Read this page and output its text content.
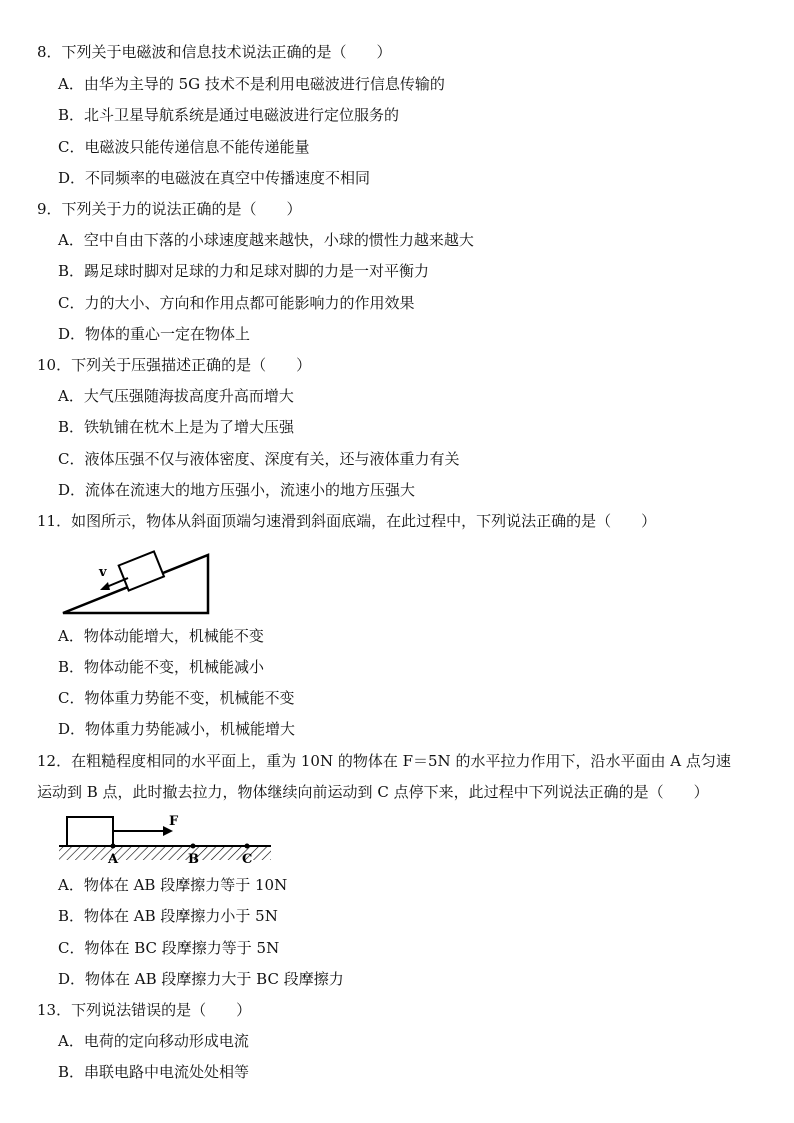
8．下列关于电磁波和信息技术说法正确的是（　　）
A．由华为主导的 5G 技术不是利用电磁波进行信息传输的
B．北斗卫星导航系统是通过电磁波进行定位服务的
C．电磁波只能传递信息不能传递能量
D．不同频率的电磁波在真空中传播速度不相同
9．下列关于力的说法正确的是（　　）
A．空中自由下落的小球速度越来越快，小球的惯性力越来越大
B．踢足球时脚对足球的力和足球对脚的力是一对平衡力
C．力的大小、方向和作用点都可能影响力的作用效果
D．物体的重心一定在物体上
10．下列关于压强描述正确的是（　　）
A．大气压强随海拔高度升高而增大
B．铁轨铺在枕木上是为了增大压强
C．液体压强不仅与液体密度、深度有关，还与液体重力有关
D．流体在流速大的地方压强小，流速小的地方压强大
11．如图所示，物体从斜面顶端匀速滑到斜面底端，在此过程中，下列说法正确的是（　　）
v
A．物体动能增大，机械能不变
B．物体动能不变，机械能减小
C．物体重力势能不变，机械能不变
D．物体重力势能减小，机械能增大
12．在粗糙程度相同的水平面上，重为 10N 的物体在 F＝5N 的水平拉力作用下，沿水平面由 A 点匀速
运动到 B 点，此时撤去拉力，物体继续向前运动到 C 点停下来，此过程中下列说法正确的是（　　）
F
A	B	C
A．物体在 AB 段摩擦力等于 10N
B．物体在 AB 段摩擦力小于 5N
C．物体在 BC 段摩擦力等于 5N
D．物体在 AB 段摩擦力大于 BC 段摩擦力
13．下列说法错误的是（　　）
A．电荷的定向移动形成电流
B．串联电路中电流处处相等
